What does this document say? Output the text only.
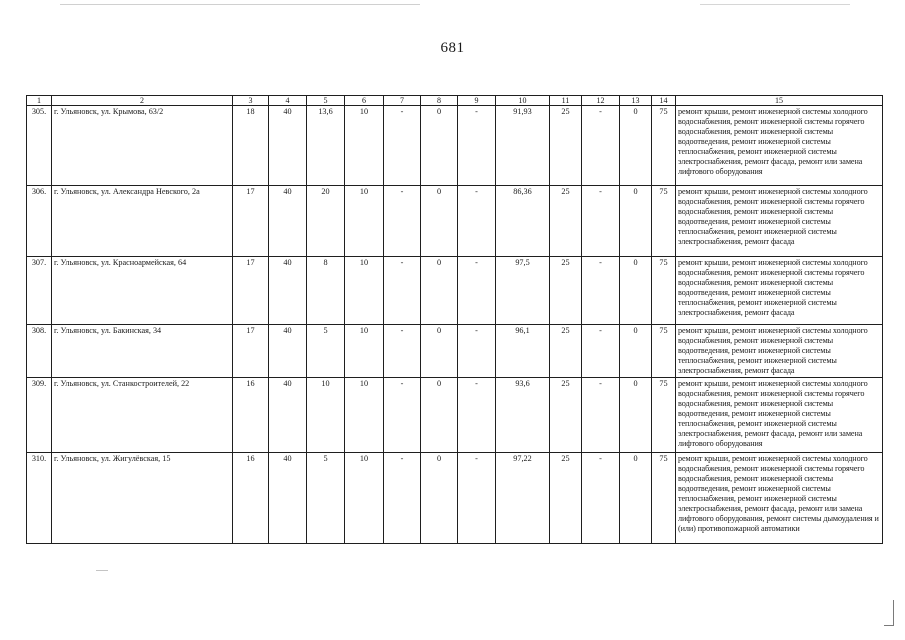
681
1	2	3	4	5	6	7	8	9	10	11	12	13	14	15
305.	г. Ульяновск, ул. Крымова, 63/2	18	40	13,6	10	-	0	-	91,93	25	-	0	75	ремонт крыши, ремонт инженерной системы холодного водоснабжения, ремонт инженерной системы горячего водоснабжения, ремонт инженерной системы водоотведения, ремонт инженерной системы теплоснабжения, ремонт инженерной системы электроснабжения, ремонт фасада, ремонт или замена лифтового оборудования
306.	г. Ульяновск, ул. Александра Невского, 2а	17	40	20	10	-	0	-	86,36	25	-	0	75	ремонт крыши, ремонт инженерной системы холодного водоснабжения, ремонт инженерной системы горячего водоснабжения, ремонт инженерной системы водоотведения, ремонт инженерной системы теплоснабжения, ремонт инженерной системы электроснабжения, ремонт фасада
307.	г. Ульяновск, ул. Красноармейская, 64	17	40	8	10	-	0	-	97,5	25	-	0	75	ремонт крыши, ремонт инженерной системы холодного водоснабжения, ремонт инженерной системы горячего водоснабжения, ремонт инженерной системы водоотведения, ремонт инженерной системы теплоснабжения, ремонт инженерной системы электроснабжения, ремонт фасада
308.	г. Ульяновск, ул. Бакинская, 34	17	40	5	10	-	0	-	96,1	25	-	0	75	ремонт крыши, ремонт инженерной системы холодного водоснабжения, ремонт инженерной системы водоотведения, ремонт инженерной системы теплоснабжения, ремонт инженерной системы электроснабжения, ремонт фасада
309.	г. Ульяновск, ул. Станкостроителей, 22	16	40	10	10	-	0	-	93,6	25	-	0	75	ремонт крыши, ремонт инженерной системы холодного водоснабжения, ремонт инженерной системы горячего водоснабжения, ремонт инженерной системы водоотведения, ремонт инженерной системы теплоснабжения, ремонт инженерной системы электроснабжения, ремонт фасада, ремонт или замена лифтового оборудования
310.	г. Ульяновск, ул. Жигулёвская, 15	16	40	5	10	-	0	-	97,22	25	-	0	75	ремонт крыши, ремонт инженерной системы холодного водоснабжения, ремонт инженерной системы горячего водоснабжения, ремонт инженерной системы водоотведения, ремонт инженерной системы теплоснабжения, ремонт инженерной системы электроснабжения, ремонт фасада, ремонт или замена лифтового оборудования, ремонт системы дымоудаления и (или) противопожарной автоматики
